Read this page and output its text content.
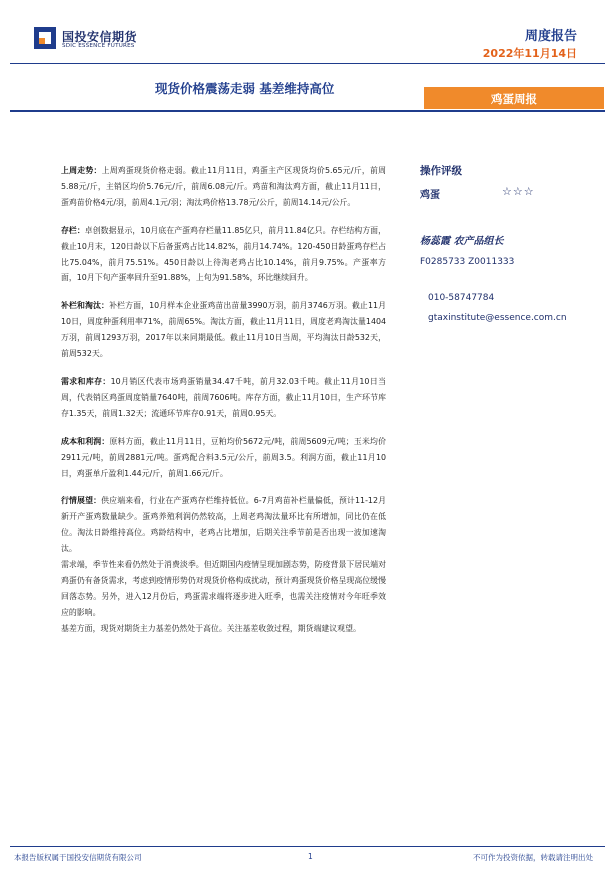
国投安信期货
SDIC ESSENCE FUTURES
周度报告
2022年11月14日
现货价格震荡走弱 基差维持高位
鸡蛋周报

上周走势：上周鸡蛋现货价格走弱。截止11月11日，鸡蛋主产区现货均价5.65元/斤，前周5.88元/斤，主销区均价5.76元/斤，前周6.08元/斤。鸡苗和淘汰鸡方面，截止11月11日，蛋鸡苗价格4元/羽，前周4.1元/羽；淘汰鸡价格13.78元/公斤，前周14.14元/公斤。

存栏：卓创数据显示，10月底在产蛋鸡存栏量11.85亿只，前月11.84亿只。存栏结构方面，截止10月末，120日龄以下后备蛋鸡占比14.82%，前月14.74%。120-450日龄蛋鸡存栏占比75.04%，前月75.51%。450日龄以上待淘老鸡占比10.14%，前月9.75%。产蛋率方面，10月下旬产蛋率回升至91.88%，上旬为91.58%，环比继续回升。

补栏和淘汰：补栏方面，10月样本企业蛋鸡苗出苗量3990万羽，前月3746万羽。截止11月10日，周度种蛋利用率71%，前周65%。淘汰方面，截止11月11日，周度老鸡淘汰量1404万羽，前周1293万羽，2017年以来同期最低。截止11月10日当周，平均淘汰日龄532天，前周532天。

需求和库存：10月销区代表市场鸡蛋销量34.47千吨，前月32.03千吨。截止11月10日当周，代表销区鸡蛋周度销量7640吨，前周7606吨。库存方面，截止11月10日，生产环节库存1.35天，前周1.32天；流通环节库存0.91天，前周0.95天。

成本和利润：原料方面，截止11月11日，豆粕均价5672元/吨，前周5609元/吨；玉米均价2911元/吨，前周2881元/吨。蛋鸡配合料3.5元/公斤，前周3.5。利润方面，截止11月10日，鸡蛋单斤盈利1.44元/斤，前周1.66元/斤。

行情展望：供应端来看，行业在产蛋鸡存栏维持低位。6-7月鸡苗补栏量偏低，预计11-12月新开产蛋鸡数量缺少。蛋鸡养殖利润仍然较高，上周老鸡淘汰量环比有所增加，同比仍在低位。淘汰日龄维持高位。鸡龄结构中，老鸡占比增加，后期关注季节前是否出现一波加速淘汰。
需求端，季节性来看仍然处于消费淡季。但近期国内疫情呈现加剧态势，防疫背景下居民端对鸡蛋仍有备货需求，考虑到疫情形势仍对现货价格构成扰动，预计鸡蛋现货价格呈现高位缓慢回落态势。另外，进入12月份后，鸡蛋需求端将逐步进入旺季，也需关注疫情对今年旺季效应的影响。
基差方面，现货对期货主力基差仍然处于高位。关注基差收敛过程，期货端建议观望。

操作评级
鸡蛋	☆☆☆
杨蕊霞 农产品组长
F0285733 Z0011333
010-58747784
gtaxinstitute@essence.com.cn
本报告版权属于国投安信期货有限公司	1	不可作为投资依据，转载请注明出处
